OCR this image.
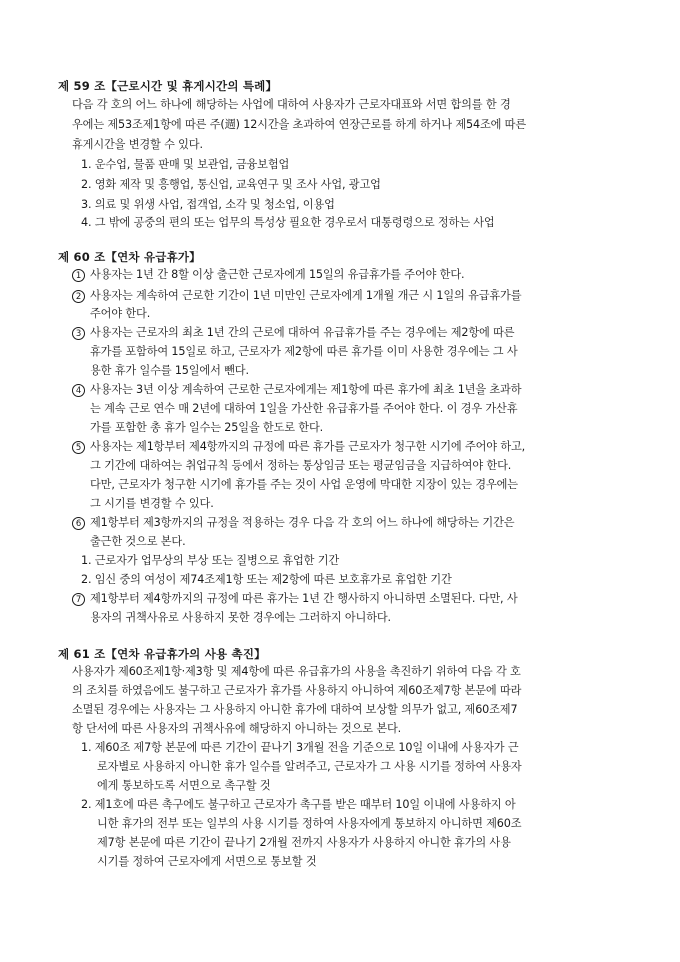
제 59 조【근로시간 및 휴게시간의 특례】
다음 각 호의 어느 하나에 해당하는 사업에 대하여 사용자가 근로자대표와 서면 합의를 한 경
우에는 제53조제1항에 따른 주(週) 12시간을 초과하여 연장근로를 하게 하거나 제54조에 따른
휴게시간을 변경할 수 있다.
1. 운수업, 물품 판매 및 보관업, 금융보험업
2. 영화 제작 및 흥행업, 통신업, 교육연구 및 조사 사업, 광고업
3. 의료 및 위생 사업, 접객업, 소각 및 청소업, 이용업
4. 그 밖에 공중의 편의 또는 업무의 특성상 필요한 경우로서 대통령령으로 정하는 사업
제 60 조【연차 유급휴가】
1 사용자는 1년 간 8할 이상 출근한 근로자에게 15일의 유급휴가를 주어야 한다.
2 사용자는 계속하여 근로한 기간이 1년 미만인 근로자에게 1개월 개근 시 1일의 유급휴가를
주어야 한다.
3 사용자는 근로자의 최초 1년 간의 근로에 대하여 유급휴가를 주는 경우에는 제2항에 따른
휴가를 포함하여 15일로 하고, 근로자가 제2항에 따른 휴가를 이미 사용한 경우에는 그 사
용한 휴가 일수를 15일에서 뺀다.
4 사용자는 3년 이상 계속하여 근로한 근로자에게는 제1항에 따른 휴가에 최초 1년을 초과하
는 계속 근로 연수 매 2년에 대하여 1일을 가산한 유급휴가를 주어야 한다. 이 경우 가산휴
가를 포함한 총 휴가 일수는 25일을 한도로 한다.
5 사용자는 제1항부터 제4항까지의 규정에 따른 휴가를 근로자가 청구한 시기에 주어야 하고,
그 기간에 대하여는 취업규칙 등에서 정하는 통상임금 또는 평균임금을 지급하여야 한다.
다만, 근로자가 청구한 시기에 휴가를 주는 것이 사업 운영에 막대한 지장이 있는 경우에는
그 시기를 변경할 수 있다.
6 제1항부터 제3항까지의 규정을 적용하는 경우 다음 각 호의 어느 하나에 해당하는 기간은
출근한 것으로 본다.
1. 근로자가 업무상의 부상 또는 질병으로 휴업한 기간
2. 임신 중의 여성이 제74조제1항 또는 제2항에 따른 보호휴가로 휴업한 기간
7 제1항부터 제4항까지의 규정에 따른 휴가는 1년 간 행사하지 아니하면 소멸된다. 다만, 사
용자의 귀책사유로 사용하지 못한 경우에는 그러하지 아니하다.
제 61 조【연차 유급휴가의 사용 촉진】
사용자가 제60조제1항·제3항 및 제4항에 따른 유급휴가의 사용을 촉진하기 위하여 다음 각 호
의 조치를 하였음에도 불구하고 근로자가 휴가를 사용하지 아니하여 제60조제7항 본문에 따라
소멸된 경우에는 사용자는 그 사용하지 아니한 휴가에 대하여 보상할 의무가 없고, 제60조제7
항 단서에 따른 사용자의 귀책사유에 해당하지 아니하는 것으로 본다.
1. 제60조 제7항 본문에 따른 기간이 끝나기 3개월 전을 기준으로 10일 이내에 사용자가 근
로자별로 사용하지 아니한 휴가 일수를 알려주고, 근로자가 그 사용 시기를 정하여 사용자
에게 통보하도록 서면으로 촉구할 것
2. 제1호에 따른 촉구에도 불구하고 근로자가 촉구를 받은 때부터 10일 이내에 사용하지 아
니한 휴가의 전부 또는 일부의 사용 시기를 정하여 사용자에게 통보하지 아니하면 제60조
제7항 본문에 따른 기간이 끝나기 2개월 전까지 사용자가 사용하지 아니한 휴가의 사용
시기를 정하여 근로자에게 서면으로 통보할 것
